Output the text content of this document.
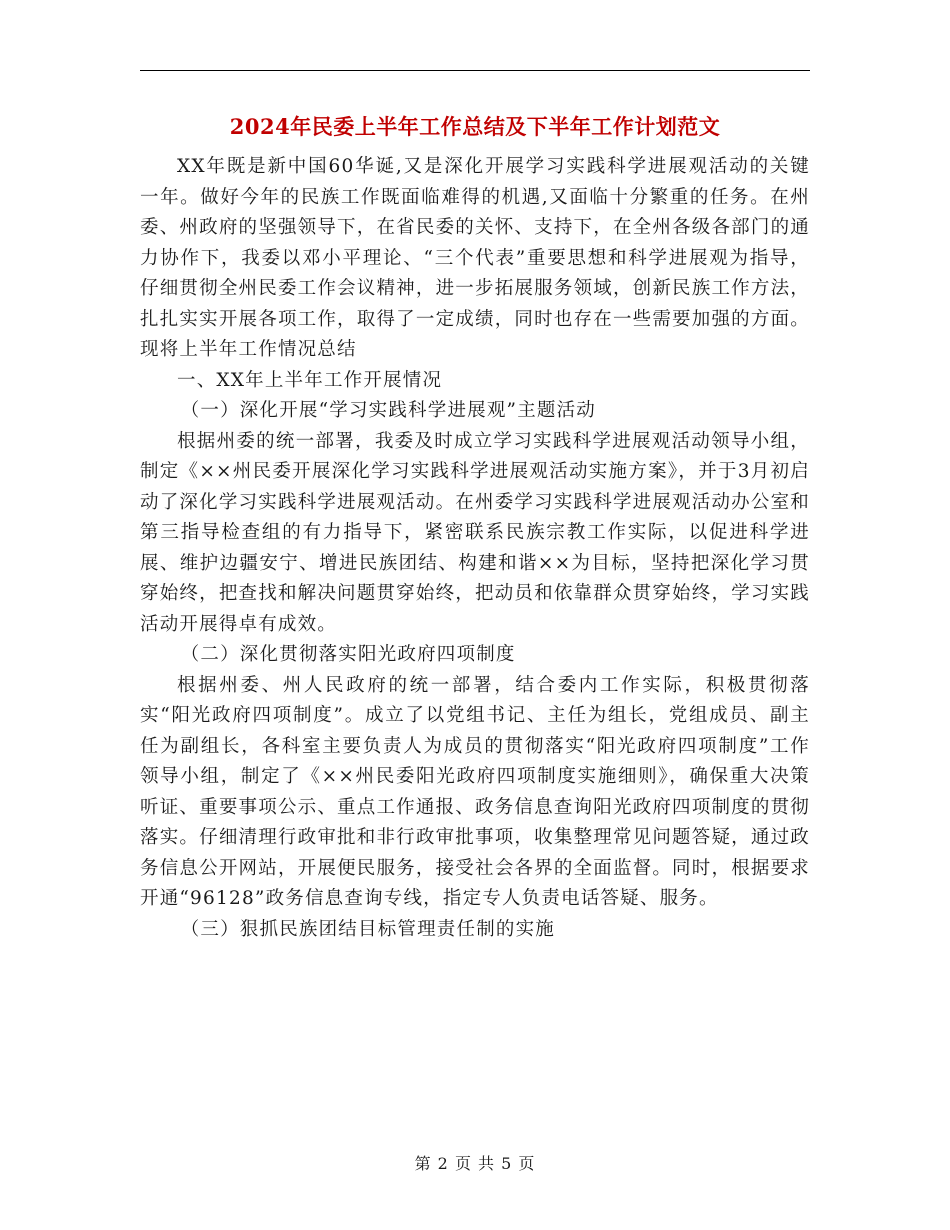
2024年民委上半年工作总结及下半年工作计划范文

XX年既是新中国60华诞,又是深化开展学习实践科学进展观活动的关键一年。做好今年的民族工作既面临难得的机遇,又面临十分繁重的任务。在州委、州政府的坚强领导下，在省民委的关怀、支持下，在全州各级各部门的通力协作下，我委以邓小平理论、“三个代表”重要思想和科学进展观为指导，仔细贯彻全州民委工作会议精神，进一步拓展服务领域，创新民族工作方法，扎扎实实开展各项工作，取得了一定成绩，同时也存在一些需要加强的方面。现将上半年工作情况总结

一、XX年上半年工作开展情况

（一）深化开展“学习实践科学进展观”主题活动

根据州委的统一部署，我委及时成立学习实践科学进展观活动领导小组，制定《××州民委开展深化学习实践科学进展观活动实施方案》，并于3月初启动了深化学习实践科学进展观活动。在州委学习实践科学进展观活动办公室和第三指导检查组的有力指导下，紧密联系民族宗教工作实际，以促进科学进展、维护边疆安宁、增进民族团结、构建和谐××为目标，坚持把深化学习贯穿始终，把查找和解决问题贯穿始终，把动员和依靠群众贯穿始终，学习实践活动开展得卓有成效。

（二）深化贯彻落实阳光政府四项制度

根据州委、州人民政府的统一部署，结合委内工作实际，积极贯彻落实“阳光政府四项制度”。成立了以党组书记、主任为组长，党组成员、副主任为副组长，各科室主要负责人为成员的贯彻落实“阳光政府四项制度”工作领导小组，制定了《××州民委阳光政府四项制度实施细则》，确保重大决策听证、重要事项公示、重点工作通报、政务信息查询阳光政府四项制度的贯彻落实。仔细清理行政审批和非行政审批事项，收集整理常见问题答疑，通过政务信息公开网站，开展便民服务，接受社会各界的全面监督。同时，根据要求开通“96128”政务信息查询专线，指定专人负责电话答疑、服务。

（三）狠抓民族团结目标管理责任制的实施

第 2 页 共 5 页
